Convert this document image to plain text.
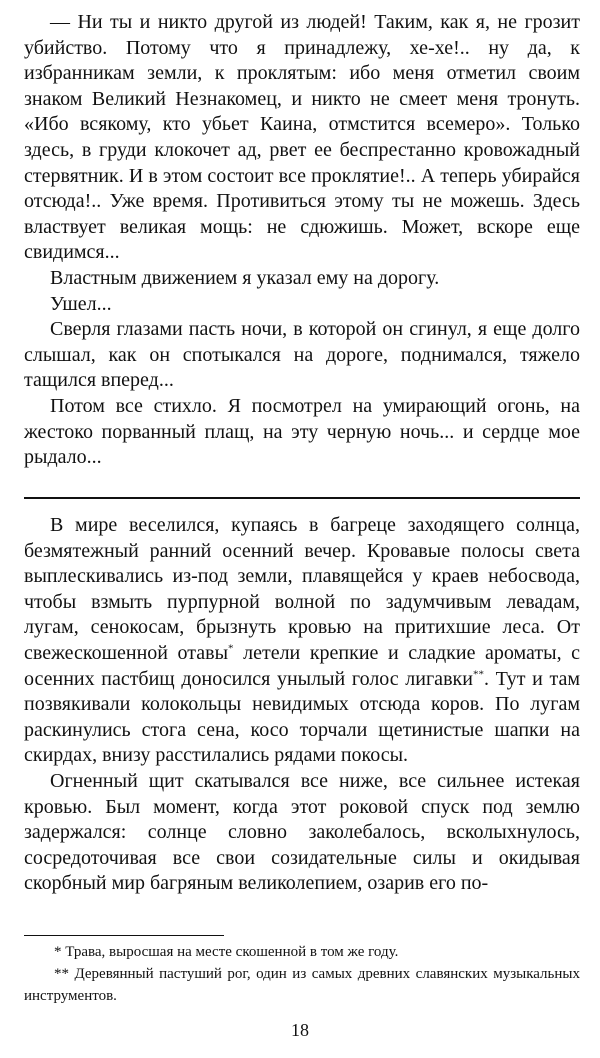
— Ни ты и никто другой из людей! Таким, как я, не грозит убийство. Потому что я принадлежу, хе-хе!.. ну да, к избранникам земли, к проклятым: ибо меня отметил своим знаком Великий Незнакомец, и никто не смеет меня тронуть. «Ибо всякому, кто убьет Каина, отмстится всемеро». Только здесь, в груди клокочет ад, рвет ее беспрестанно кровожадный стервятник. И в этом состоит все проклятие!.. А теперь убирайся отсюда!.. Уже время. Противиться этому ты не можешь. Здесь властвует великая мощь: не сдюжишь. Может, вскоре еще свидимся...

Властным движением я указал ему на дорогу.

Ушел...

Сверля глазами пасть ночи, в которой он сгинул, я еще долго слышал, как он спотыкался на дороге, поднимался, тяжело тащился вперед...

Потом все стихло. Я посмотрел на умирающий огонь, на жестоко порванный плащ, на эту черную ночь... и сердце мое рыдало...

В мире веселился, купаясь в багреце заходящего солнца, безмятежный ранний осенний вечер. Кровавые полосы света выплескивались из-под земли, плавящейся у краев небосвода, чтобы взмыть пурпурной волной по задумчивым левадам, лугам, сенокосам, брызнуть кровью на притихшие леса. От свежескошенной отавы* летели крепкие и сладкие ароматы, с осенних пастбищ доносился унылый голос лигавки**. Тут и там позвякивали колокольцы невидимых отсюда коров. По лугам раскинулись стога сена, косо торчали щетинистые шапки на скирдах, внизу расстилались рядами покосы.

Огненный щит скатывался все ниже, все сильнее истекая кровью. Был момент, когда этот роковой спуск под землю задержался: солнце словно заколебалось, всколыхнулось, сосредоточивая все свои созидательные силы и окидывая скорбный мир багряным великолепием, озарив его по-

* Трава, выросшая на месте скошенной в том же году.

** Деревянный пастуший рог, один из самых древних славянских музыкальных инструментов.

18
